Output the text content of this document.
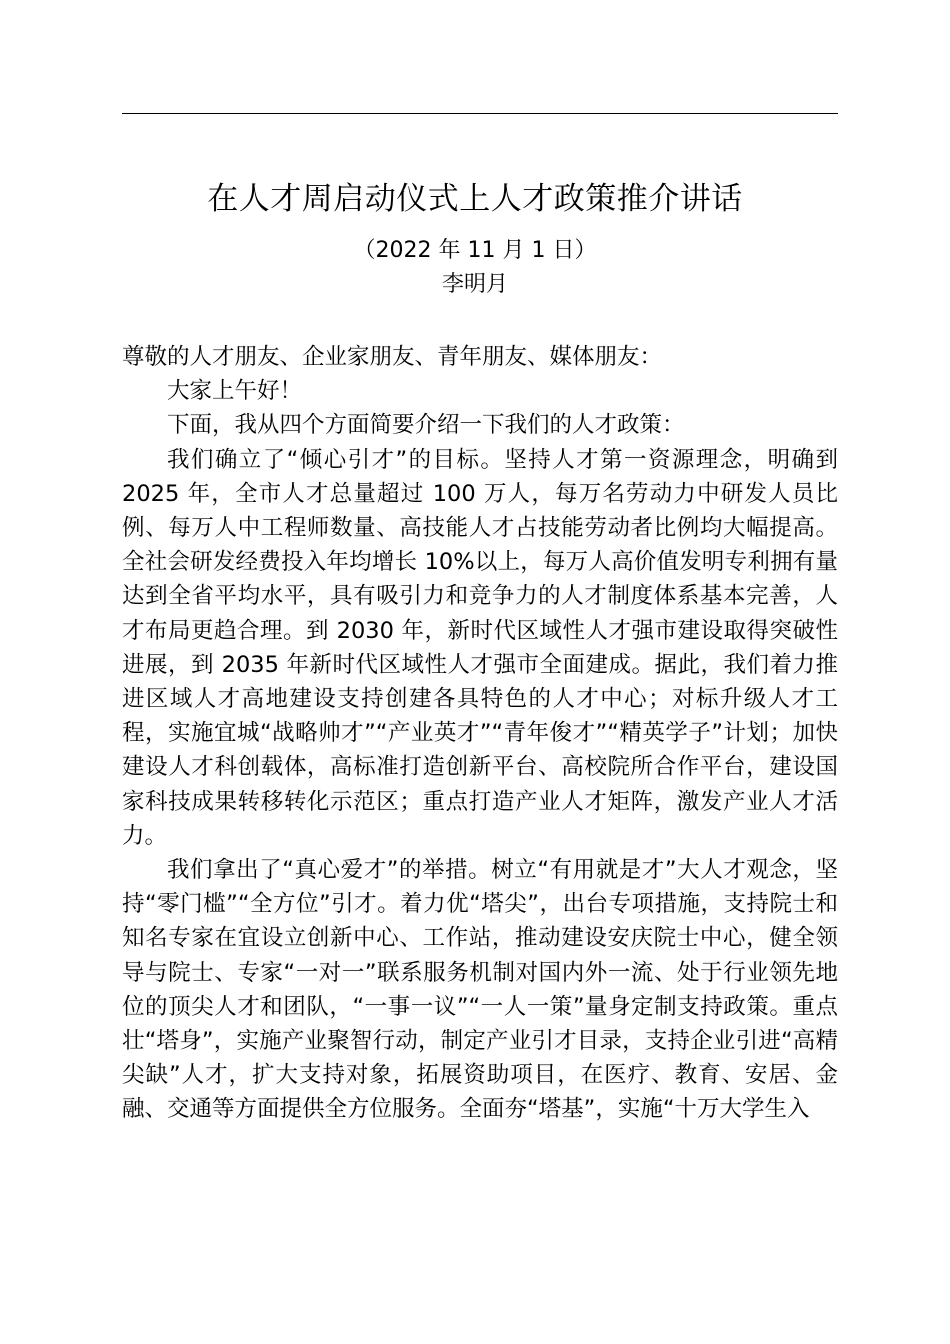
在人才周启动仪式上人才政策推介讲话
（2022 年 11 月 1 日）
李明月

尊敬的人才朋友、企业家朋友、青年朋友、媒体朋友：

大家上午好！

下面，我从四个方面简要介绍一下我们的人才政策：

我们确立了“倾心引才”的目标。坚持人才第一资源理念，明确到 2025 年，全市人才总量超过 100 万人，每万名劳动力中研发人员比例、每万人中工程师数量、高技能人才占技能劳动者比例均大幅提高。全社会研发经费投入年均增长 10%以上，每万人高价值发明专利拥有量达到全省平均水平，具有吸引力和竞争力的人才制度体系基本完善，人才布局更趋合理。到 2030 年，新时代区域性人才强市建设取得突破性进展，到 2035 年新时代区域性人才强市全面建成。据此，我们着力推进区域人才高地建设支持创建各具特色的人才中心；对标升级人才工程，实施宜城“战略帅才”“产业英才”“青年俊才”“精英学子”计划；加快建设人才科创载体，高标准打造创新平台、高校院所合作平台，建设国家科技成果转移转化示范区；重点打造产业人才矩阵，激发产业人才活力。

我们拿出了“真心爱才”的举措。树立“有用就是才”大人才观念，坚持“零门槛”“全方位”引才。着力优“塔尖”，出台专项措施，支持院士和知名专家在宜设立创新中心、工作站，推动建设安庆院士中心，健全领导与院士、专家“一对一”联系服务机制对国内外一流、处于行业领先地位的顶尖人才和团队，“一事一议”“一人一策”量身定制支持政策。重点壮“塔身”，实施产业聚智行动，制定产业引才目录，支持企业引进“高精尖缺”人才，扩大支持对象，拓展资助项目，在医疗、教育、安居、金融、交通等方面提供全方位服务。全面夯“塔基”，实施“十万大学生入
